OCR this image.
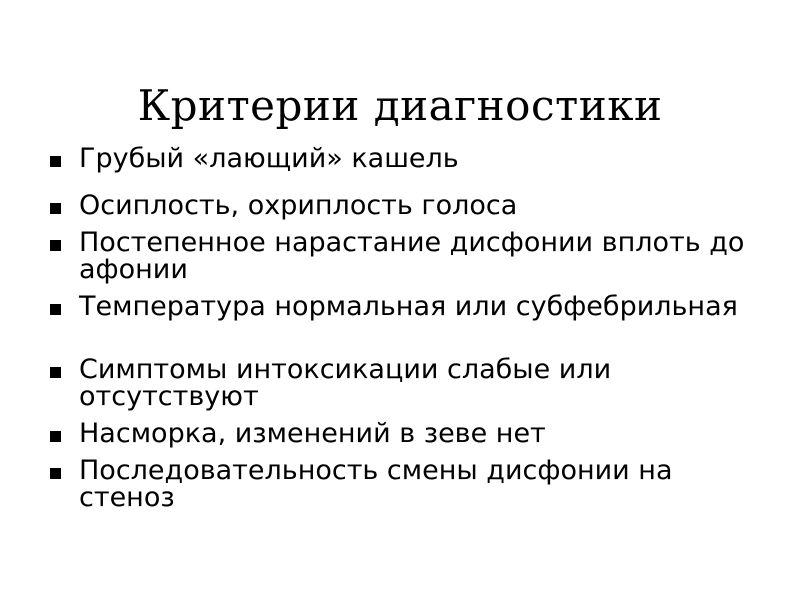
Критерии диагностики
Грубый «лающий» кашель
Осиплость, охриплость голоса
Постепенное нарастание дисфонии вплоть до афонии
Температура нормальная или субфебрильная
Симптомы интоксикации слабые или отсутствуют
Насморка, изменений в зеве нет
Последовательность смены дисфонии на стеноз
